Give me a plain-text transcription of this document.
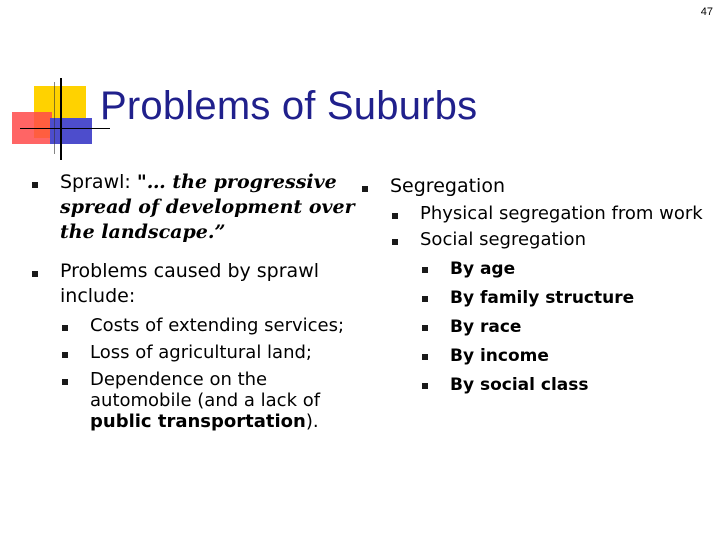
47
Problems of Suburbs
Sprawl: "… the progressive spread of development over the landscape.”
Problems caused by sprawl include:
Costs of extending services;
Loss of agricultural land;
Dependence on the automobile (and a lack of public transportation).
Segregation
Physical segregation from work
Social segregation
By age
By family structure
By race
By income
By social class
